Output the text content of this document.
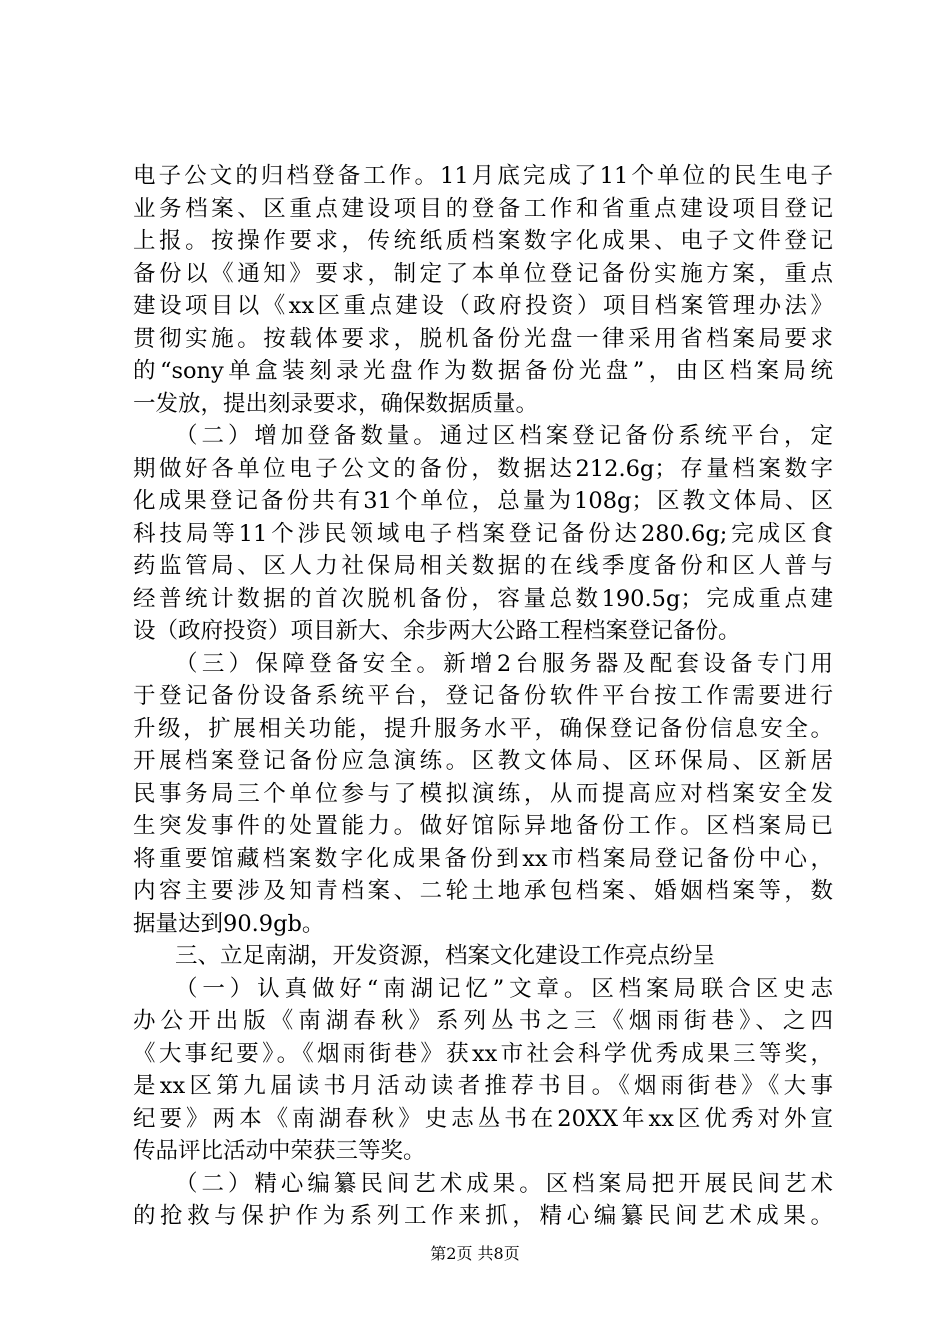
电子公文的归档登备工作。11月底完成了11个单位的民生电子
业务档案、区重点建设项目的登备工作和省重点建设项目登记
上报。按操作要求，传统纸质档案数字化成果、电子文件登记
备份以《通知》要求，制定了本单位登记备份实施方案，重点
建设项目以《xx区重点建设（政府投资）项目档案管理办法》
贯彻实施。按载体要求，脱机备份光盘一律采用省档案局要求
的“sony单盒装刻录光盘作为数据备份光盘”，由区档案局统
一发放，提出刻录要求，确保数据质量。
（二）增加登备数量。通过区档案登记备份系统平台，定
期做好各单位电子公文的备份，数据达212.6g；存量档案数字
化成果登记备份共有31个单位，总量为108g；区教文体局、区
科技局等11个涉民领域电子档案登记备份达280.6g;完成区食
药监管局、区人力社保局相关数据的在线季度备份和区人普与
经普统计数据的首次脱机备份，容量总数190.5g；完成重点建
设（政府投资）项目新大、余步两大公路工程档案登记备份。
（三）保障登备安全。新增2台服务器及配套设备专门用
于登记备份设备系统平台，登记备份软件平台按工作需要进行
升级，扩展相关功能，提升服务水平，确保登记备份信息安全。
开展档案登记备份应急演练。区教文体局、区环保局、区新居
民事务局三个单位参与了模拟演练，从而提高应对档案安全发
生突发事件的处置能力。做好馆际异地备份工作。区档案局已
将重要馆藏档案数字化成果备份到xx市档案局登记备份中心，
内容主要涉及知青档案、二轮土地承包档案、婚姻档案等，数
据量达到90.9gb。
三、立足南湖，开发资源，档案文化建设工作亮点纷呈
（一）认真做好“南湖记忆”文章。区档案局联合区史志
办公开出版《南湖春秋》系列丛书之三《烟雨街巷》、之四
《大事纪要》。《烟雨街巷》获xx市社会科学优秀成果三等奖，
是xx区第九届读书月活动读者推荐书目。《烟雨街巷》《大事
纪要》两本《南湖春秋》史志丛书在20XX年xx区优秀对外宣
传品评比活动中荣获三等奖。
（二）精心编纂民间艺术成果。区档案局把开展民间艺术
的抢救与保护作为系列工作来抓，精心编纂民间艺术成果。
第2页 共8页
